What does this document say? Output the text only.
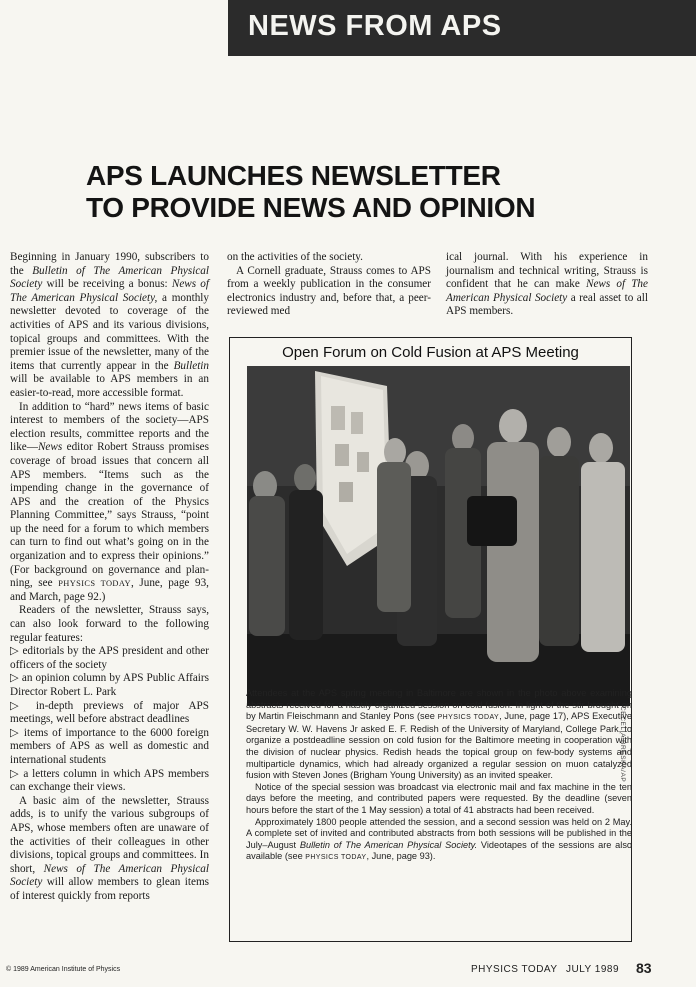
NEWS FROM APS
APS LAUNCHES NEWSLETTER
TO PROVIDE NEWS AND OPINION

Beginning in January 1990, subscribers to the Bulletin of The American Physical Society will be receiving a bonus: News of The American Physical Society, a monthly newsletter devoted to coverage of the activities of APS and its various divisions, topical groups and committees. With the premier issue of the newsletter, many of the items that currently appear in the Bulletin will be available to APS members in an easier-to-read, more accessible format.

In addition to “hard” news items of basic interest to members of the society—APS election results, committee reports and the like—News editor Robert Strauss promises coverage of broad issues that concern all APS members. “Items such as the impending change in the governance of APS and the creation of the Physics Planning Committee,” says Strauss, “point up the need for a forum to which members can turn to find out what’s going on in the organization and to express their opinions.” (For background on governance and planning, see PHYSICS TODAY, June, page 93, and March, page 92.)

Readers of the newsletter, Strauss says, can also look forward to the following regular features:

▷ editorials by the APS president and other officers of the society

▷ an opinion column by APS Public Affairs Director Robert L. Park

▷ in-depth previews of major APS meetings, well before abstract deadlines

▷ items of importance to the 6000 foreign members of APS as well as domestic and international students

▷ a letters column in which APS members can exchange their views.

A basic aim of the newsletter, Strauss adds, is to unify the various subgroups of APS, whose members often are unaware of the activities of their colleagues in other divisions, topical groups and committees. In short, News of The American Physical Society will allow members to glean items of interest quickly from reports

on the activities of the society.

A Cornell graduate, Strauss comes to APS from a weekly publication in the consumer electronics industry and, before that, a peer-reviewed med

ical journal. With his experience in journalism and technical writing, Strauss is confident that he can make News of The American Physical Society a real asset to all APS members.

Open Forum on Cold Fusion at APS Meeting
CECELIA BRESKA/AP

Attendees at the APS spring meeting in Baltimore are shown in the photo above examining abstracts received for a hastily organized session on cold fusion. In light of the stir brought on by Martin Fleischmann and Stanley Pons (see PHYSICS TODAY, June, page 17), APS Executive Secretary W. W. Havens Jr asked E. F. Redish of the University of Maryland, College Park, to organize a postdeadline session on cold fusion for the Baltimore meeting in cooperation with the division of nuclear physics. Redish heads the topical group on few-body systems and multiparticle dynamics, which had already organized a regular session on muon catalyzed fusion with Steven Jones (Brigham Young University) as an invited speaker.

Notice of the special session was broadcast via electronic mail and fax machine in the ten days before the meeting, and contributed papers were requested. By the deadline (seven hours before the start of the 1 May session) a total of 41 abstracts had been received.

Approximately 1800 people attended the session, and a second session was held on 2 May. A complete set of invited and contributed abstracts from both sessions will be published in the July–August Bulletin of The American Physical Society. Videotapes of the sessions are also available (see PHYSICS TODAY, June, page 93).

© 1989 American Institute of Physics	PHYSICS TODAY JULY 1989 83
